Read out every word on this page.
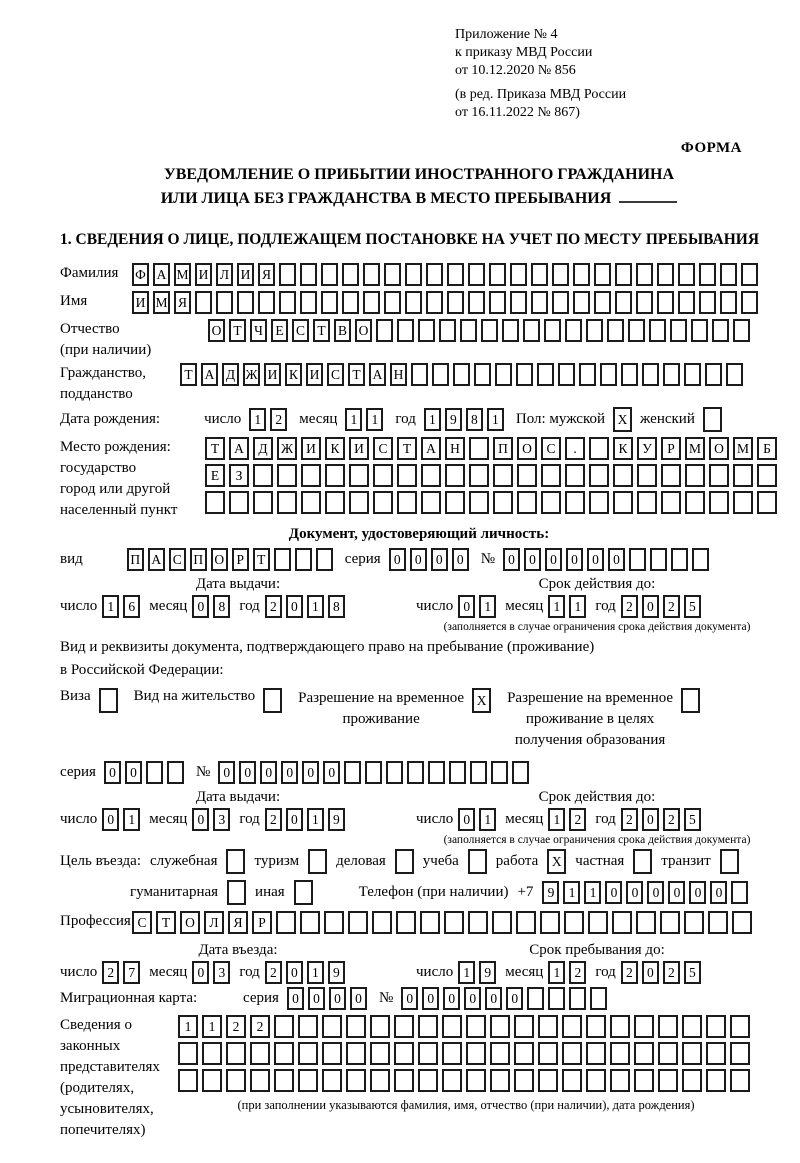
Приложение № 4
к приказу МВД России
от 10.12.2020 № 856
(в ред. Приказа МВД России
от 16.11.2022 № 867)
ФОРМА
УВЕДОМЛЕНИЕ О ПРИБЫТИИ ИНОСТРАННОГО ГРАЖДАНИНА
ИЛИ ЛИЦА БЕЗ ГРАЖДАНСТВА В МЕСТО ПРЕБЫВАНИЯ
1. СВЕДЕНИЯ О ЛИЦЕ, ПОДЛЕЖАЩЕМ ПОСТАНОВКЕ НА УЧЕТ ПО МЕСТУ ПРЕБЫВАНИЯ
Фамилия	Ф А М И Л И Я
Имя	И М Я
Отчество
(при наличии)
О Т Ч Е С Т В О
Гражданство,
подданство
Т А Д Ж И К И С Т А Н
Дата рождения:	число 1	2	месяц 1	1	год 1	9	8	1	Пол: мужской X женский
Место рождения:
государство
город или другой
населенный пункт
Т	А	Д Ж И	К	И	С	Т	А	Н	П	О	С	.	К	У	Р	М О М	Б
Е	З
Документ, удостоверяющий личность:
вид	П А С П О Р Т	серия 0	0	0	0	№ 0	0	0	0	0	0
Дата выдачи:
число 1	6 месяц 0	8 год 2	0	1	8
Срок действия до:
число 0	1 месяц 1	1 год 2	0	2	5
(заполняется в случае ограничения срока действия документа)
Вид и реквизиты документа, подтверждающего право на пребывание (проживание)
в Российской Федерации:
Виза	Вид на жительство	Разрешение на временное
проживание
X	Разрешение на временное
проживание в целях
получения образования
серия 0	0	№ 0	0	0	0	0	0
Дата выдачи:
число 0	1 месяц 0	3 год 2	0	1	9
Срок действия до:
число 0	1 месяц 1	2 год 2	0	2	5
(заполняется в случае ограничения срока действия документа)
Цель въезда: служебная туризм деловая учеба работа	X частная транзит
гуманитарная иная	Телефон (при наличии) +7	9	1	1	0	0	0	0	0	0
Профессия С	Т	О	Л	Я	Р
Дата въезда:
число 2	7 месяц 0	3 год 2	0	1	9
Срок пребывания до:
число 1	9 месяц 1	2 год 2	0	2	5
Миграционная карта:	серия 0	0	0	0	№ 0	0	0	0	0	0
Сведения о
законных
представителях
(родителях,
усыновителях,
попечителях)
1	1	2	2
(при заполнении указываются фамилия, имя, отчество (при наличии), дата рождения)
